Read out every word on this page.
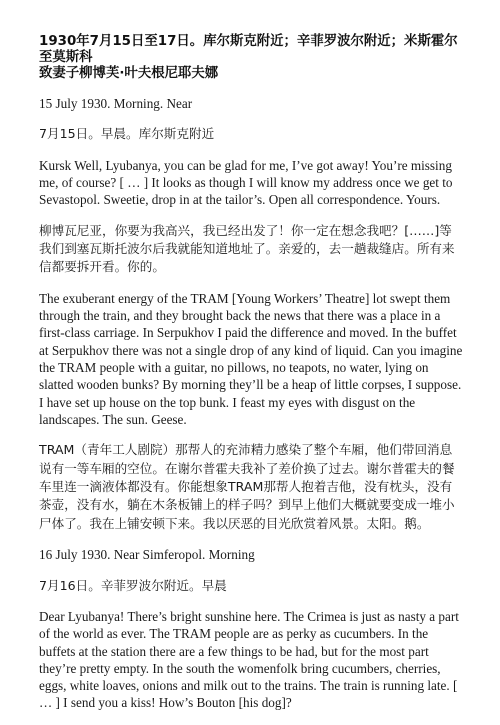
1930年7月15日至17日。库尔斯克附近；辛菲罗波尔附近；米斯霍尔至莫斯科
致妻子柳博芙·叶夫根尼耶夫娜

15 July 1930. Morning. Near

7月15日。早晨。库尔斯克附近

Kursk Well, Lyubanya, you can be glad for me, I’ve got away! You’re missing me, of course? [ … ] It looks as though I will know my address once we get to Sevastopol. Sweetie, drop in at the tailor’s. Open all correspondence. Yours.

柳博瓦尼亚，你要为我高兴，我已经出发了！你一定在想念我吧？[……]等我们到塞瓦斯托波尔后我就能知道地址了。亲爱的，去一趟裁缝店。所有来信都要拆开看。你的。

The exuberant energy of the TRAM [Young Workers’ Theatre] lot swept them through the train, and they brought back the news that there was a place in a first-class carriage. In Serpukhov I paid the difference and moved. In the buffet at Serpukhov there was not a single drop of any kind of liquid. Can you imagine the TRAM people with a guitar, no pillows, no teapots, no water, lying on slatted wooden bunks? By morning they’ll be a heap of little corpses, I suppose. I have set up house on the top bunk. I feast my eyes with disgust on the landscapes. The sun. Geese.

TRAM（青年工人剧院）那帮人的充沛精力感染了整个车厢，他们带回消息说有一等车厢的空位。在谢尔普霍夫我补了差价换了过去。谢尔普霍夫的餐车里连一滴液体都没有。你能想象TRAM那帮人抱着吉他，没有枕头，没有茶壶，没有水，躺在木条板铺上的样子吗？到早上他们大概就要变成一堆小尸体了。我在上铺安顿下来。我以厌恶的目光欣赏着风景。太阳。鹅。

16 July 1930. Near Simferopol. Morning

7月16日。辛菲罗波尔附近。早晨

Dear Lyubanya! There’s bright sunshine here. The Crimea is just as nasty a part of the world as ever. The TRAM people are as perky as cucumbers. In the buffets at the station there are a few things to be had, but for the most part they’re pretty empty. In the south the womenfolk bring cucumbers, cherries, eggs, white loaves, onions and milk out to the trains. The train is running late. [ … ] I send you a kiss! How’s Bouton [his dog]?
